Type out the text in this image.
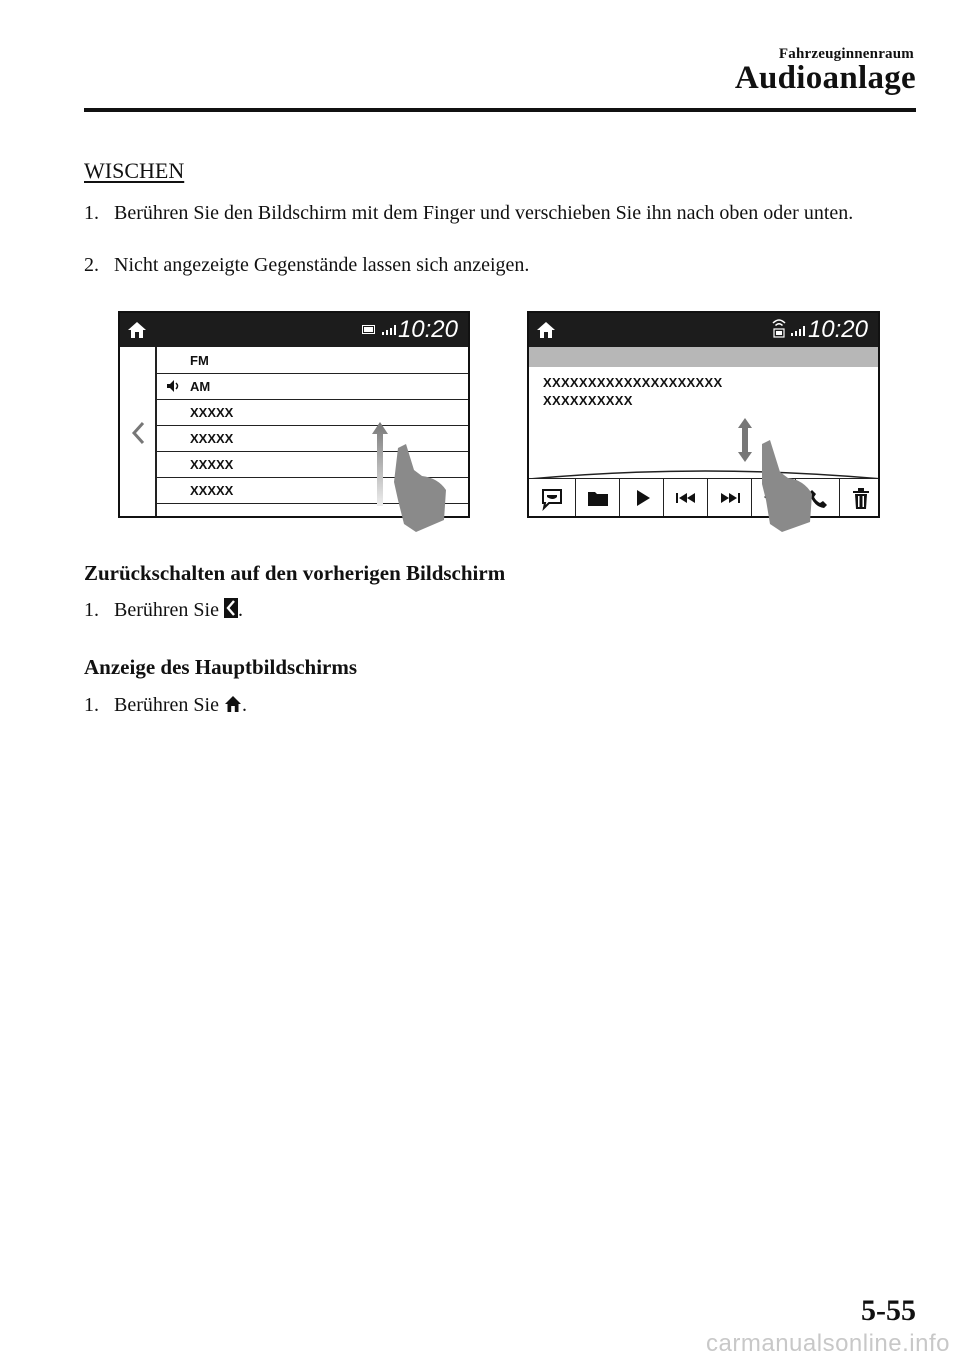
Fahrzeuginnenraum
Audioanlage
WISCHEN
1. Berühren Sie den Bildschirm mit dem Finger und verschieben Sie ihn nach oben oder unten.
2. Nicht angezeigte Gegenstände lassen sich anzeigen.
10:20
FM
AM
XXXXX
XXXXX
XXXXX
XXXXX
10:20
XXXXXXXXXXXXXXXXXXXX
XXXXXXXXXX
Zurückschalten auf den vorherigen Bildschirm
1. Berühren Sie .
Anzeige des Hauptbildschirms
1. Berühren Sie .
5-55
carmanualsonline.info
